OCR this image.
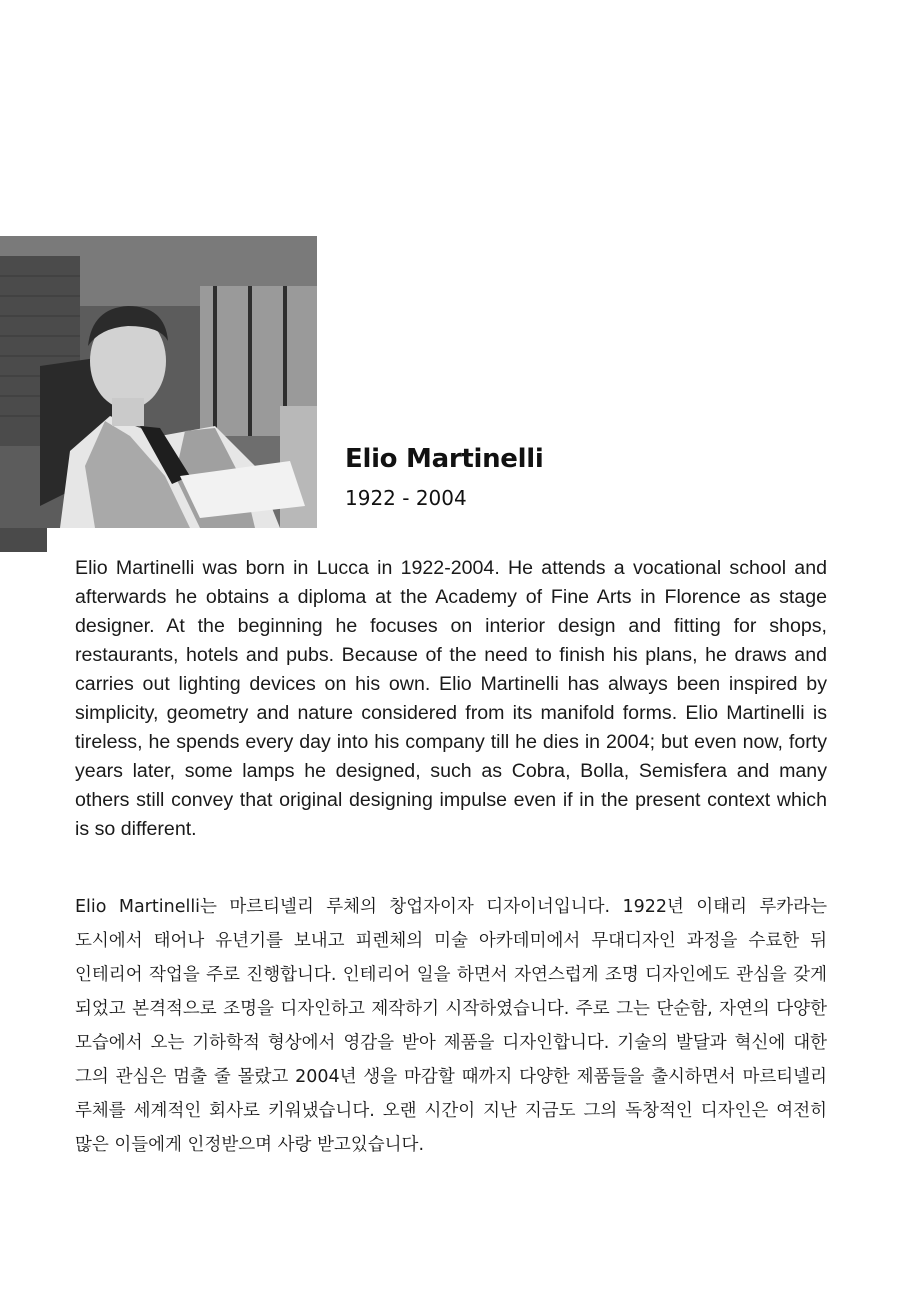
Elio Martinelli

1922 - 2004

Elio Martinelli was born in Lucca in 1922-2004. He attends a vocational school and afterwards he obtains a diploma at the Academy of Fine Arts in Florence as stage designer. At the beginning he focuses on interior design and fitting for shops, restaurants, hotels and pubs. Because of the need to finish his plans, he draws and carries out lighting devices on his own. Elio Martinelli has always been inspired by simplicity, geometry and nature considered from its manifold forms. Elio Martinelli is tireless, he spends every day into his company till he dies in 2004; but even now, forty years later, some lamps he designed, such as Cobra, Bolla, Semisfera and many others still convey that original designing impulse even if in the present context which is so different.

Elio Martinelli는 마르티넬리 루체의 창업자이자 디자이너입니다. 1922년 이태리 루카라는 도시에서 태어나 유년기를 보내고 피렌체의 미술 아카데미에서 무대디자인 과정을 수료한 뒤 인테리어 작업을 주로 진행합니다. 인테리어 일을 하면서 자연스럽게 조명 디자인에도 관심을 갖게 되었고 본격적으로 조명을 디자인하고 제작하기 시작하였습니다. 주로 그는 단순함, 자연의 다양한 모습에서 오는 기하학적 형상에서 영감을 받아 제품을 디자인합니다. 기술의 발달과 혁신에 대한 그의 관심은 멈출 줄 몰랐고 2004년 생을 마감할 때까지 다양한 제품들을 출시하면서 마르티넬리 루체를 세계적인 회사로 키워냈습니다. 오랜 시간이 지난 지금도 그의 독창적인 디자인은 여전히 많은 이들에게 인정받으며 사랑 받고있습니다.
